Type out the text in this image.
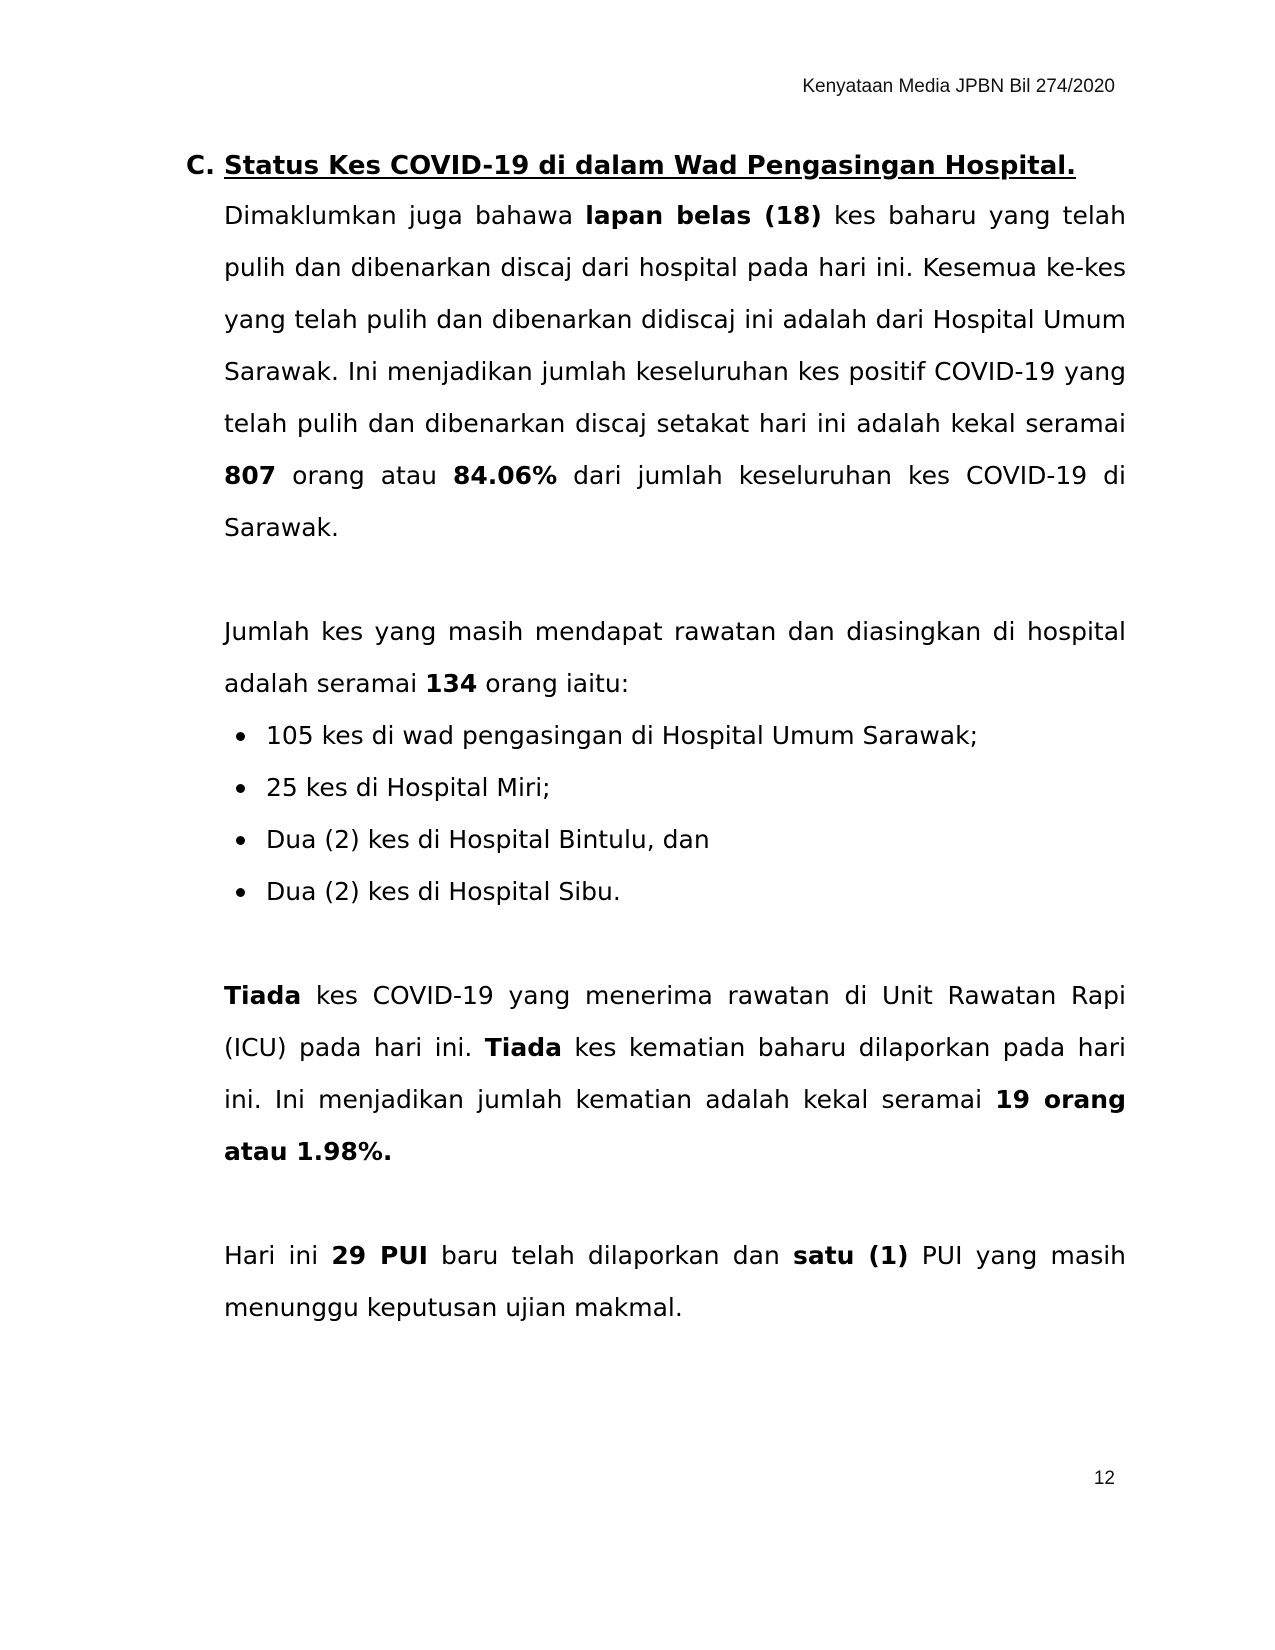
Kenyataan Media JPBN Bil 274/2020
C. Status Kes COVID-19 di dalam Wad Pengasingan Hospital.

Dimaklumkan juga bahawa lapan belas (18) kes baharu yang telah pulih dan dibenarkan discaj dari hospital pada hari ini. Kesemua ke-kes yang telah pulih dan dibenarkan didiscaj ini adalah dari Hospital Umum Sarawak. Ini menjadikan jumlah keseluruhan kes positif COVID-19 yang telah pulih dan dibenarkan discaj setakat hari ini adalah kekal seramai 807 orang atau 84.06% dari jumlah keseluruhan kes COVID-19 di Sarawak.

Jumlah kes yang masih mendapat rawatan dan diasingkan di hospital adalah seramai 134 orang iaitu:

105 kes di wad pengasingan di Hospital Umum Sarawak;
25 kes di Hospital Miri;
Dua (2) kes di Hospital Bintulu, dan
Dua (2) kes di Hospital Sibu.

Tiada kes COVID-19 yang menerima rawatan di Unit Rawatan Rapi (ICU) pada hari ini. Tiada kes kematian baharu dilaporkan pada hari ini. Ini menjadikan jumlah kematian adalah kekal seramai 19 orang atau 1.98%.

Hari ini 29 PUI baru telah dilaporkan dan satu (1) PUI yang masih menunggu keputusan ujian makmal.

12
